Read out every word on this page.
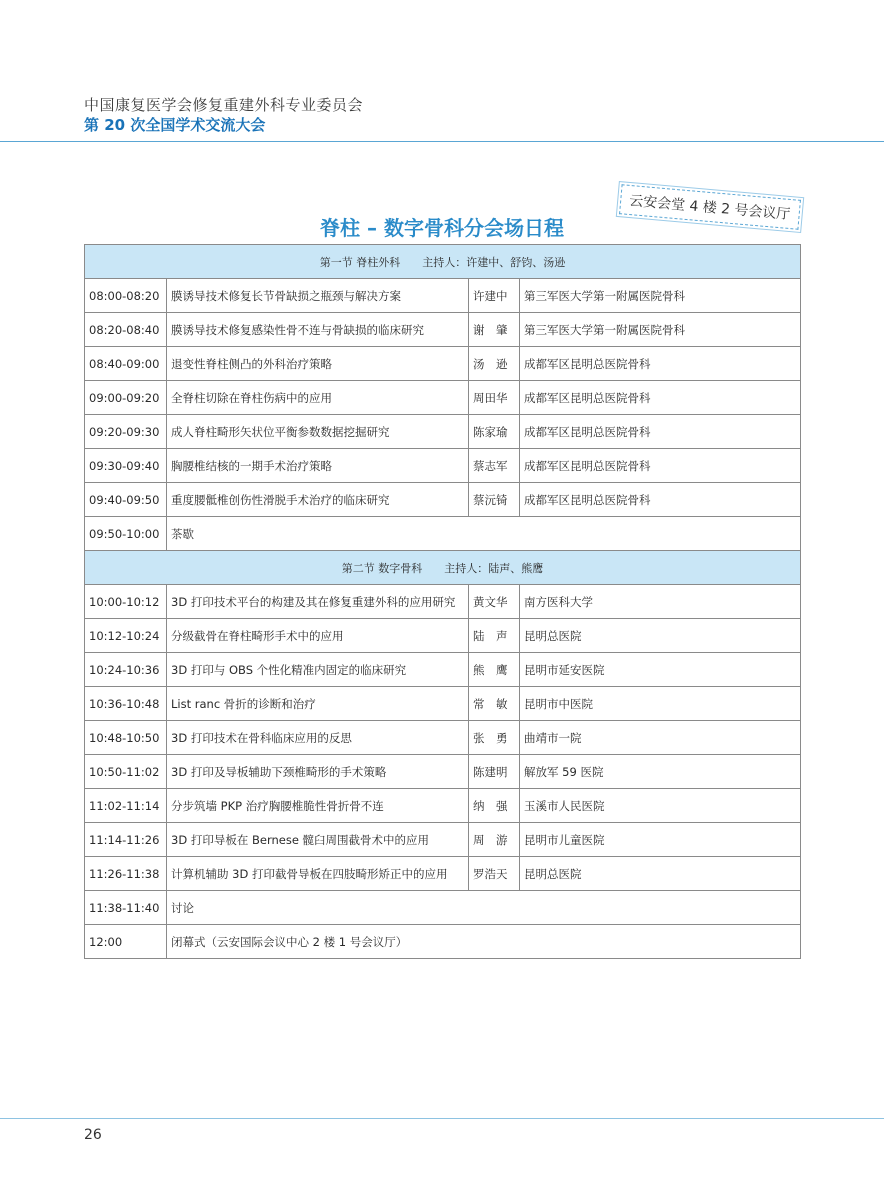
中国康复医学会修复重建外科专业委员会
第 20 次全国学术交流大会
云安会堂 4 楼 2 号会议厅
脊柱 – 数字骨科分会场日程
第一节 脊柱外科 主持人：许建中、舒钧、汤逊			
08:00-08:20	膜诱导技术修复长节骨缺损之瓶颈与解决方案	许建中	第三军医大学第一附属医院骨科
08:20-08:40	膜诱导技术修复感染性骨不连与骨缺损的临床研究	谢　肇	第三军医大学第一附属医院骨科
08:40-09:00	退变性脊柱侧凸的外科治疗策略	汤　逊	成都军区昆明总医院骨科
09:00-09:20	全脊柱切除在脊柱伤病中的应用	周田华	成都军区昆明总医院骨科
09:20-09:30	成人脊柱畸形矢状位平衡参数数据挖掘研究	陈家瑜	成都军区昆明总医院骨科
09:30-09:40	胸腰椎结核的一期手术治疗策略	蔡志军	成都军区昆明总医院骨科
09:40-09:50	重度腰骶椎创伤性滑脱手术治疗的临床研究	蔡沅锜	成都军区昆明总医院骨科
09:50-10:00	茶歇		
第二节 数字骨科 主持人：陆声、熊鹰			
10:00-10:12	3D 打印技术平台的构建及其在修复重建外科的应用研究	黄文华	南方医科大学
10:12-10:24	分级截骨在脊柱畸形手术中的应用	陆　声	昆明总医院
10:24-10:36	3D 打印与 OBS 个性化精准内固定的临床研究	熊　鹰	昆明市延安医院
10:36-10:48	List ranc 骨折的诊断和治疗	常　敏	昆明市中医院
10:48-10:50	3D 打印技术在骨科临床应用的反思	张　勇	曲靖市一院
10:50-11:02	3D 打印及导板辅助下颈椎畸形的手术策略	陈建明	解放军 59 医院
11:02-11:14	分步筑墙 PKP 治疗胸腰椎脆性骨折骨不连	纳　强	玉溪市人民医院
11:14-11:26	3D 打印导板在 Bernese 髋臼周围截骨术中的应用	周　游	昆明市儿童医院
11:26-11:38	计算机辅助 3D 打印截骨导板在四肢畸形矫正中的应用	罗浩天	昆明总医院
11:38-11:40	讨论		
12:00	闭幕式（云安国际会议中心 2 楼 1 号会议厅）		
26
